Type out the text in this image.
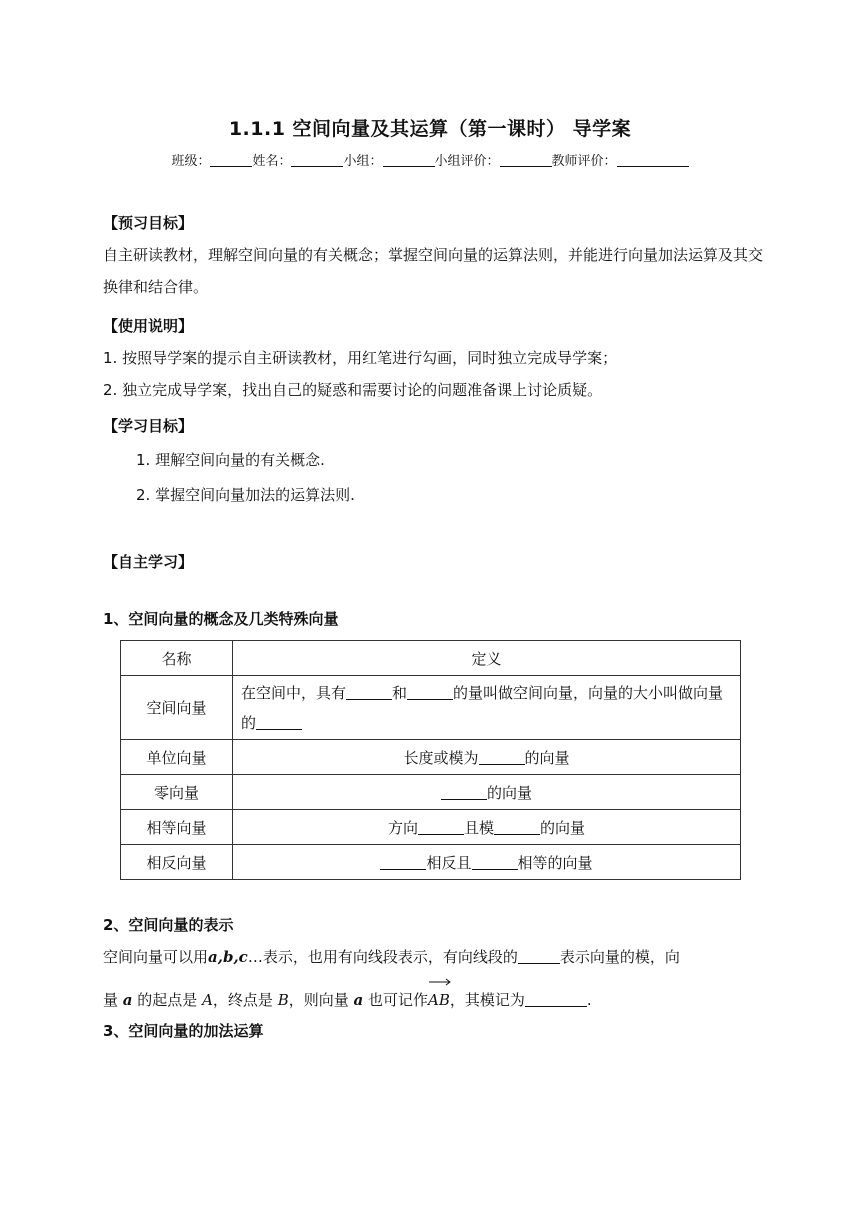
1.1.1 空间向量及其运算（第一课时） 导学案
班级：	姓名：	小组：	小组评价：	教师评价：
【预习目标】
自主研读教材，理解空间向量的有关概念；掌握空间向量的运算法则，并能进行向量加法运算及其交换律和结合律。
【使用说明】
1. 按照导学案的提示自主研读教材，用红笔进行勾画，同时独立完成导学案；
2. 独立完成导学案，找出自己的疑惑和需要讨论的问题准备课上讨论质疑。
【学习目标】
1. 理解空间向量的有关概念.
2. 掌握空间向量加法的运算法则.
【自主学习】
1、空间向量的概念及几类特殊向量
名称	定义
空间向量	在空间中，具有 和 的量叫做空间向量，向量的大小叫做向量的
单位向量	长度或模为 的向量
零向量	的向量
相等向量	方向 且模 的向量
相反向量	相反且 相等的向量
2、空间向量的表示
空间向量可以用a,b,c…表示，也用有向线段表示，有向线段的	表示向量的模，向
量 a 的起点是 A，终点是 B，则向量 a 也可记作
AB，其模记为	.
3、空间向量的加法运算
